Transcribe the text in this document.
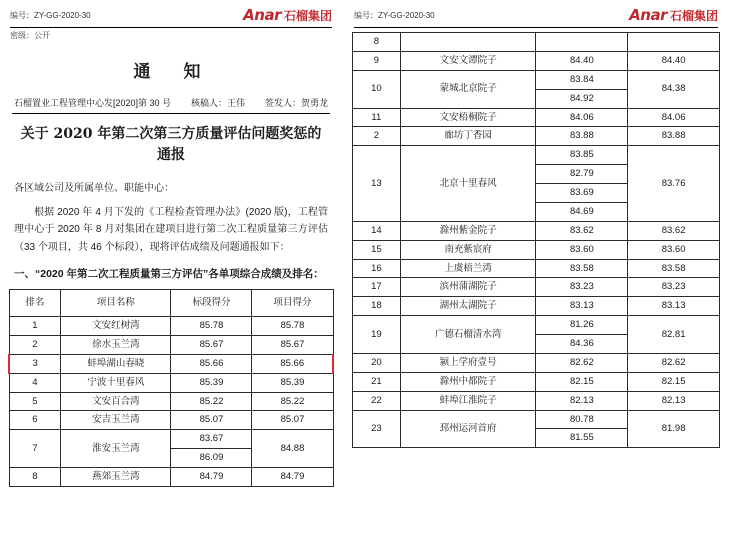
编号：ZY-GG-2020-30	Anar 石榴集团
密级：公开
通　知
石榴置业工程管理中心发[2020]第 30 号 核稿人：王伟 签发人：贺勇龙
关于 2020 年第二次第三方质量评估问题奖惩的通报

各区域公司及所属单位、职能中心：

根据 2020 年 4 月下发的《工程检查管理办法》(2020 版)，工程管理中心于 2020 年 8 月对集团在建项目进行第二次工程质量第三方评估（33 个项目，共 46 个标段），现将评估成绩及问题通报如下：

一、“2020 年第二次工程质量第三方评估”各单项综合成绩及排名：
排名	项目名称	标段得分	项目得分
1	文安红树湾	85.78	85.78
2	徐水玉兰湾	85.67	85.67
3	蚌埠湖山春晓	85.66	85.66
4	宁波十里春风	85.39	85.39
5	文安百合湾	85.22	85.22
6	安吉玉兰湾	85.07	85.07
7	淮安玉兰湾	83.67	84.88
		86.09	
8	燕郊玉兰湾	84.79	84.79
编号：ZY-GG-2020-30	Anar 石榴集团
8			
9	文安文谭院子	84.40	84.40
10	蒙城北京院子	83.84	84.38
		84.92	
11	文安梧桐院子	84.06	84.06
2	廊坊丁香园	83.88	83.88
13	北京十里春风	83.85	83.76
		82.79	
		83.69	
		84.69	
14	滁州紫金院子	83.62	83.62
15	南充紫宸府	83.60	83.60
16	上虞梧兰湾	83.58	83.58
17	滨州蒲湖院子	83.23	83.23
18	湖州太湖院子	83.13	83.13
19	广德石榴清水湾	81.26	82.81
		84.36	
20	颍上学府壹号	82.62	82.62
21	滁州中都院子	82.15	82.15
22	蚌埠江淮院子	82.13	82.13
23	邳州运河首府	80.78	81.98
		81.55	
